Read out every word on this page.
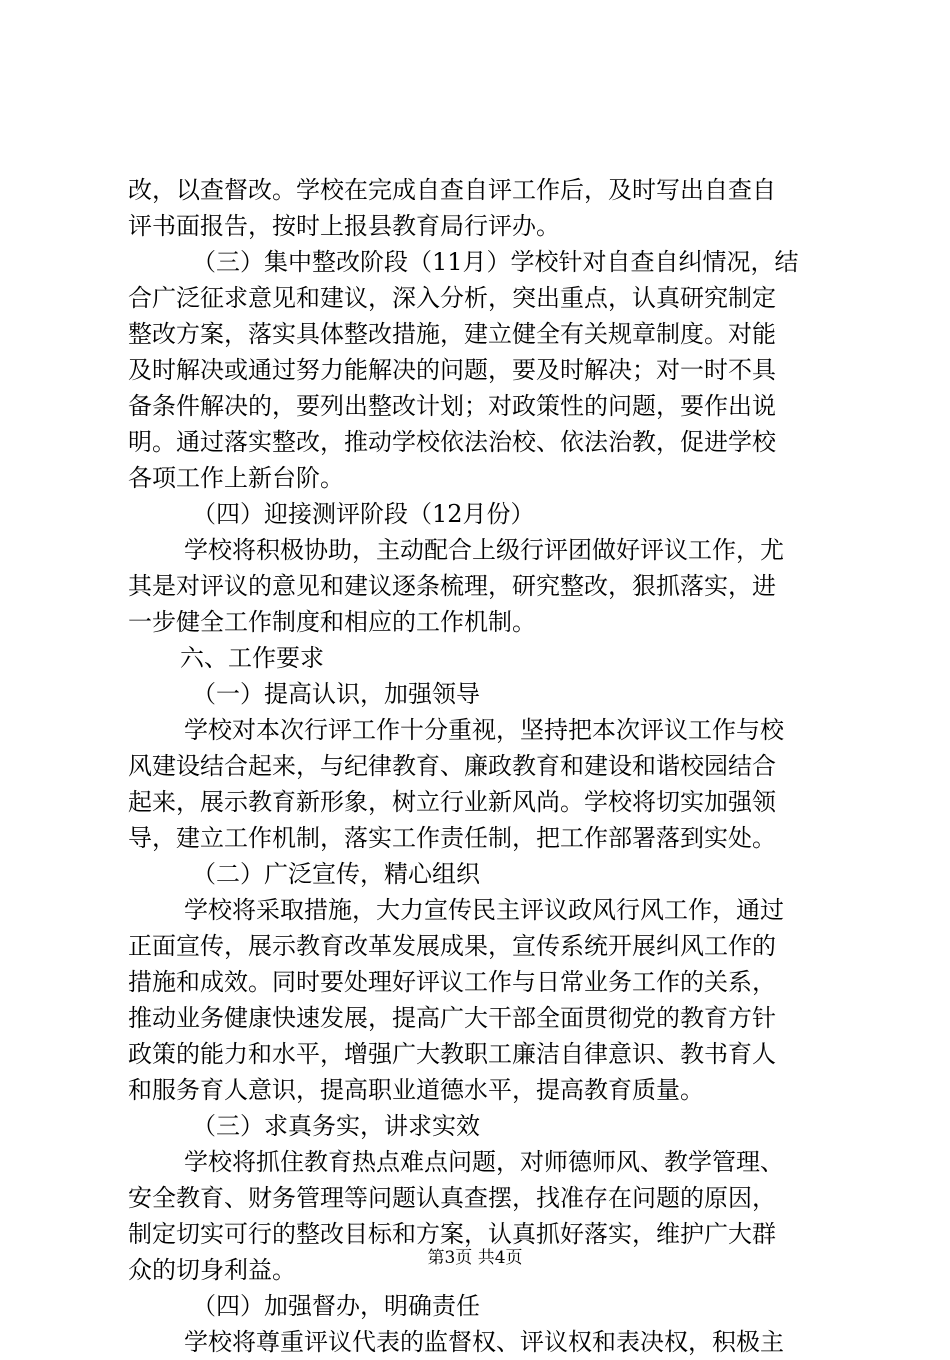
改，以查督改。学校在完成自查自评工作后，及时写出自查自
评书面报告，按时上报县教育局行评办。
（三）集中整改阶段（11月）学校针对自查自纠情况，结
合广泛征求意见和建议，深入分析，突出重点，认真研究制定
整改方案，落实具体整改措施，建立健全有关规章制度。对能
及时解决或通过努力能解决的问题，要及时解决；对一时不具
备条件解决的，要列出整改计划；对政策性的问题，要作出说
明。通过落实整改，推动学校依法治校、依法治教，促进学校
各项工作上新台阶。
（四）迎接测评阶段（12月份）
学校将积极协助，主动配合上级行评团做好评议工作，尤
其是对评议的意见和建议逐条梳理，研究整改，狠抓落实，进
一步健全工作制度和相应的工作机制。
六、工作要求
（一）提高认识，加强领导
学校对本次行评工作十分重视，坚持把本次评议工作与校
风建设结合起来，与纪律教育、廉政教育和建设和谐校园结合
起来，展示教育新形象，树立行业新风尚。学校将切实加强领
导，建立工作机制，落实工作责任制，把工作部署落到实处。
（二）广泛宣传，精心组织
学校将采取措施，大力宣传民主评议政风行风工作，通过
正面宣传，展示教育改革发展成果，宣传系统开展纠风工作的
措施和成效。同时要处理好评议工作与日常业务工作的关系，
推动业务健康快速发展，提高广大干部全面贯彻党的教育方针
政策的能力和水平，增强广大教职工廉洁自律意识、教书育人
和服务育人意识，提高职业道德水平，提高教育质量。
（三）求真务实，讲求实效
学校将抓住教育热点难点问题，对师德师风、教学管理、
安全教育、财务管理等问题认真查摆，找准存在问题的原因，
制定切实可行的整改目标和方案，认真抓好落实，维护广大群
众的切身利益。
（四）加强督办，明确责任
学校将尊重评议代表的监督权、评议权和表决权，积极主
第3页 共4页
